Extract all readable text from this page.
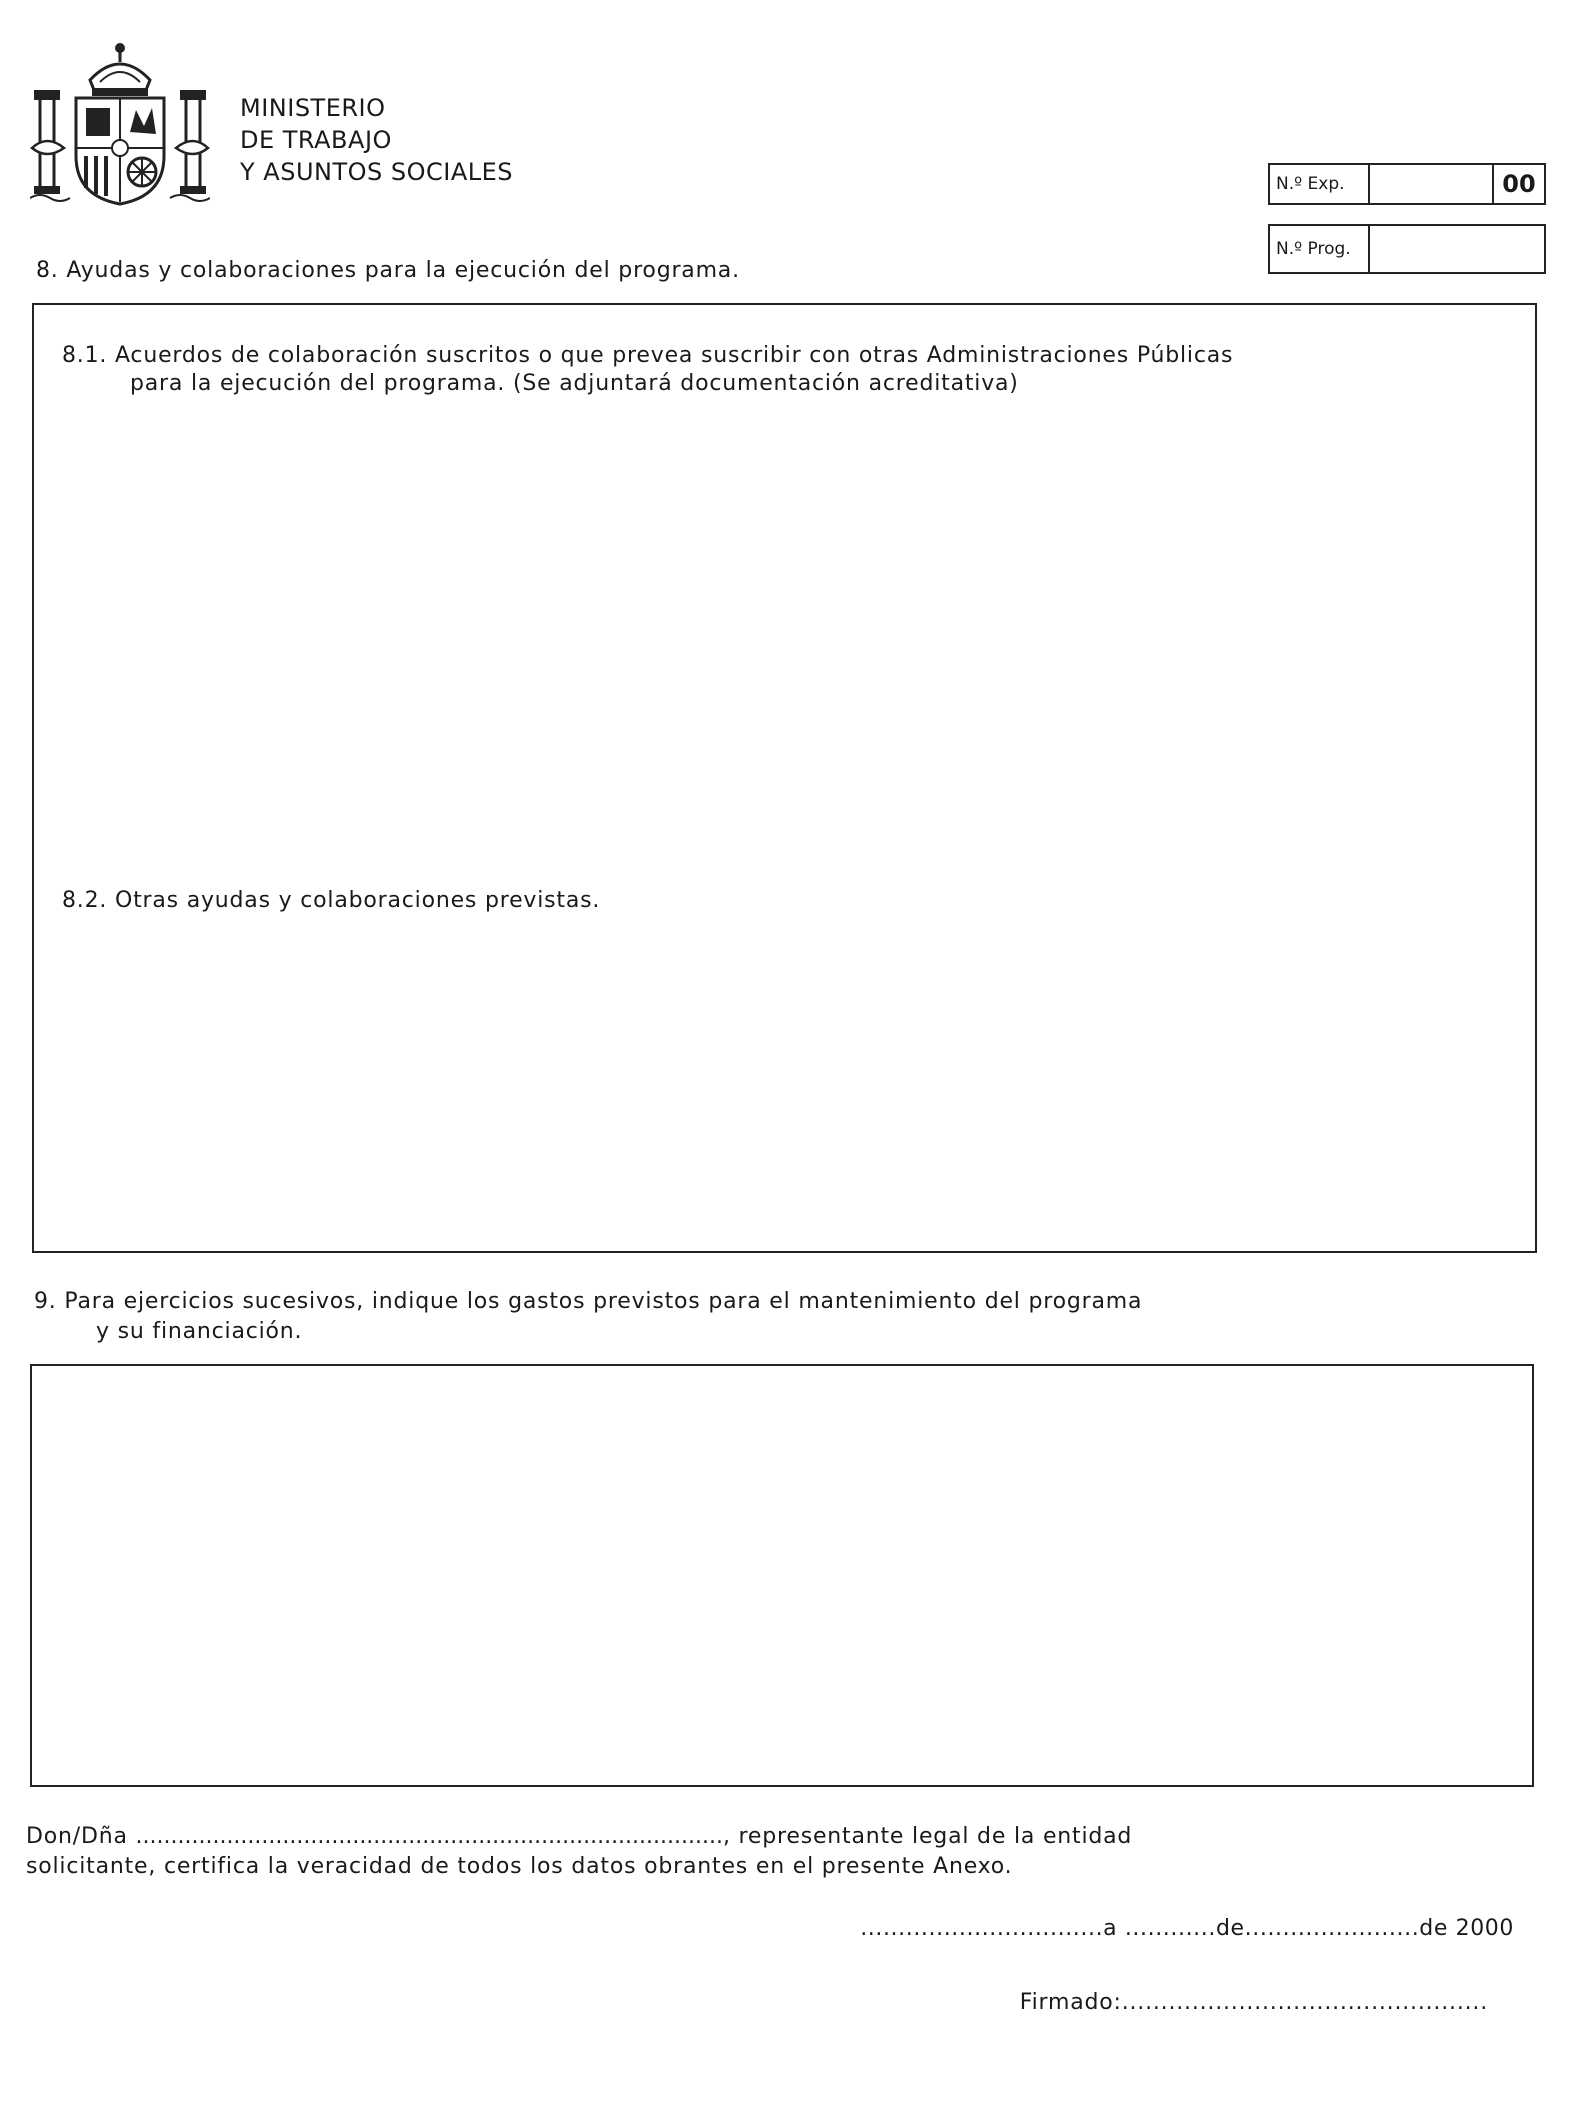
MINISTERIO
DE TRABAJO
Y ASUNTOS SOCIALES	N.º Exp.	00
N.º Prog.
8. Ayudas y colaboraciones para la ejecución del programa.
8.1. Acuerdos de colaboración suscritos o que prevea suscribir con otras Administraciones Públicas
para la ejecución del programa. (Se adjuntará documentación acreditativa)
8.2. Otras ayudas y colaboraciones previstas.
9. Para ejercicios sucesivos, indique los gastos previstos para el mantenimiento del programa
y su financiación.
Don/Dña ...................................................................................., representante legal de la entidad
solicitante, certifica la veracidad de todos los datos obrantes en el presente Anexo.
................................a ............de.......................de 2000
Firmado:...............................................
